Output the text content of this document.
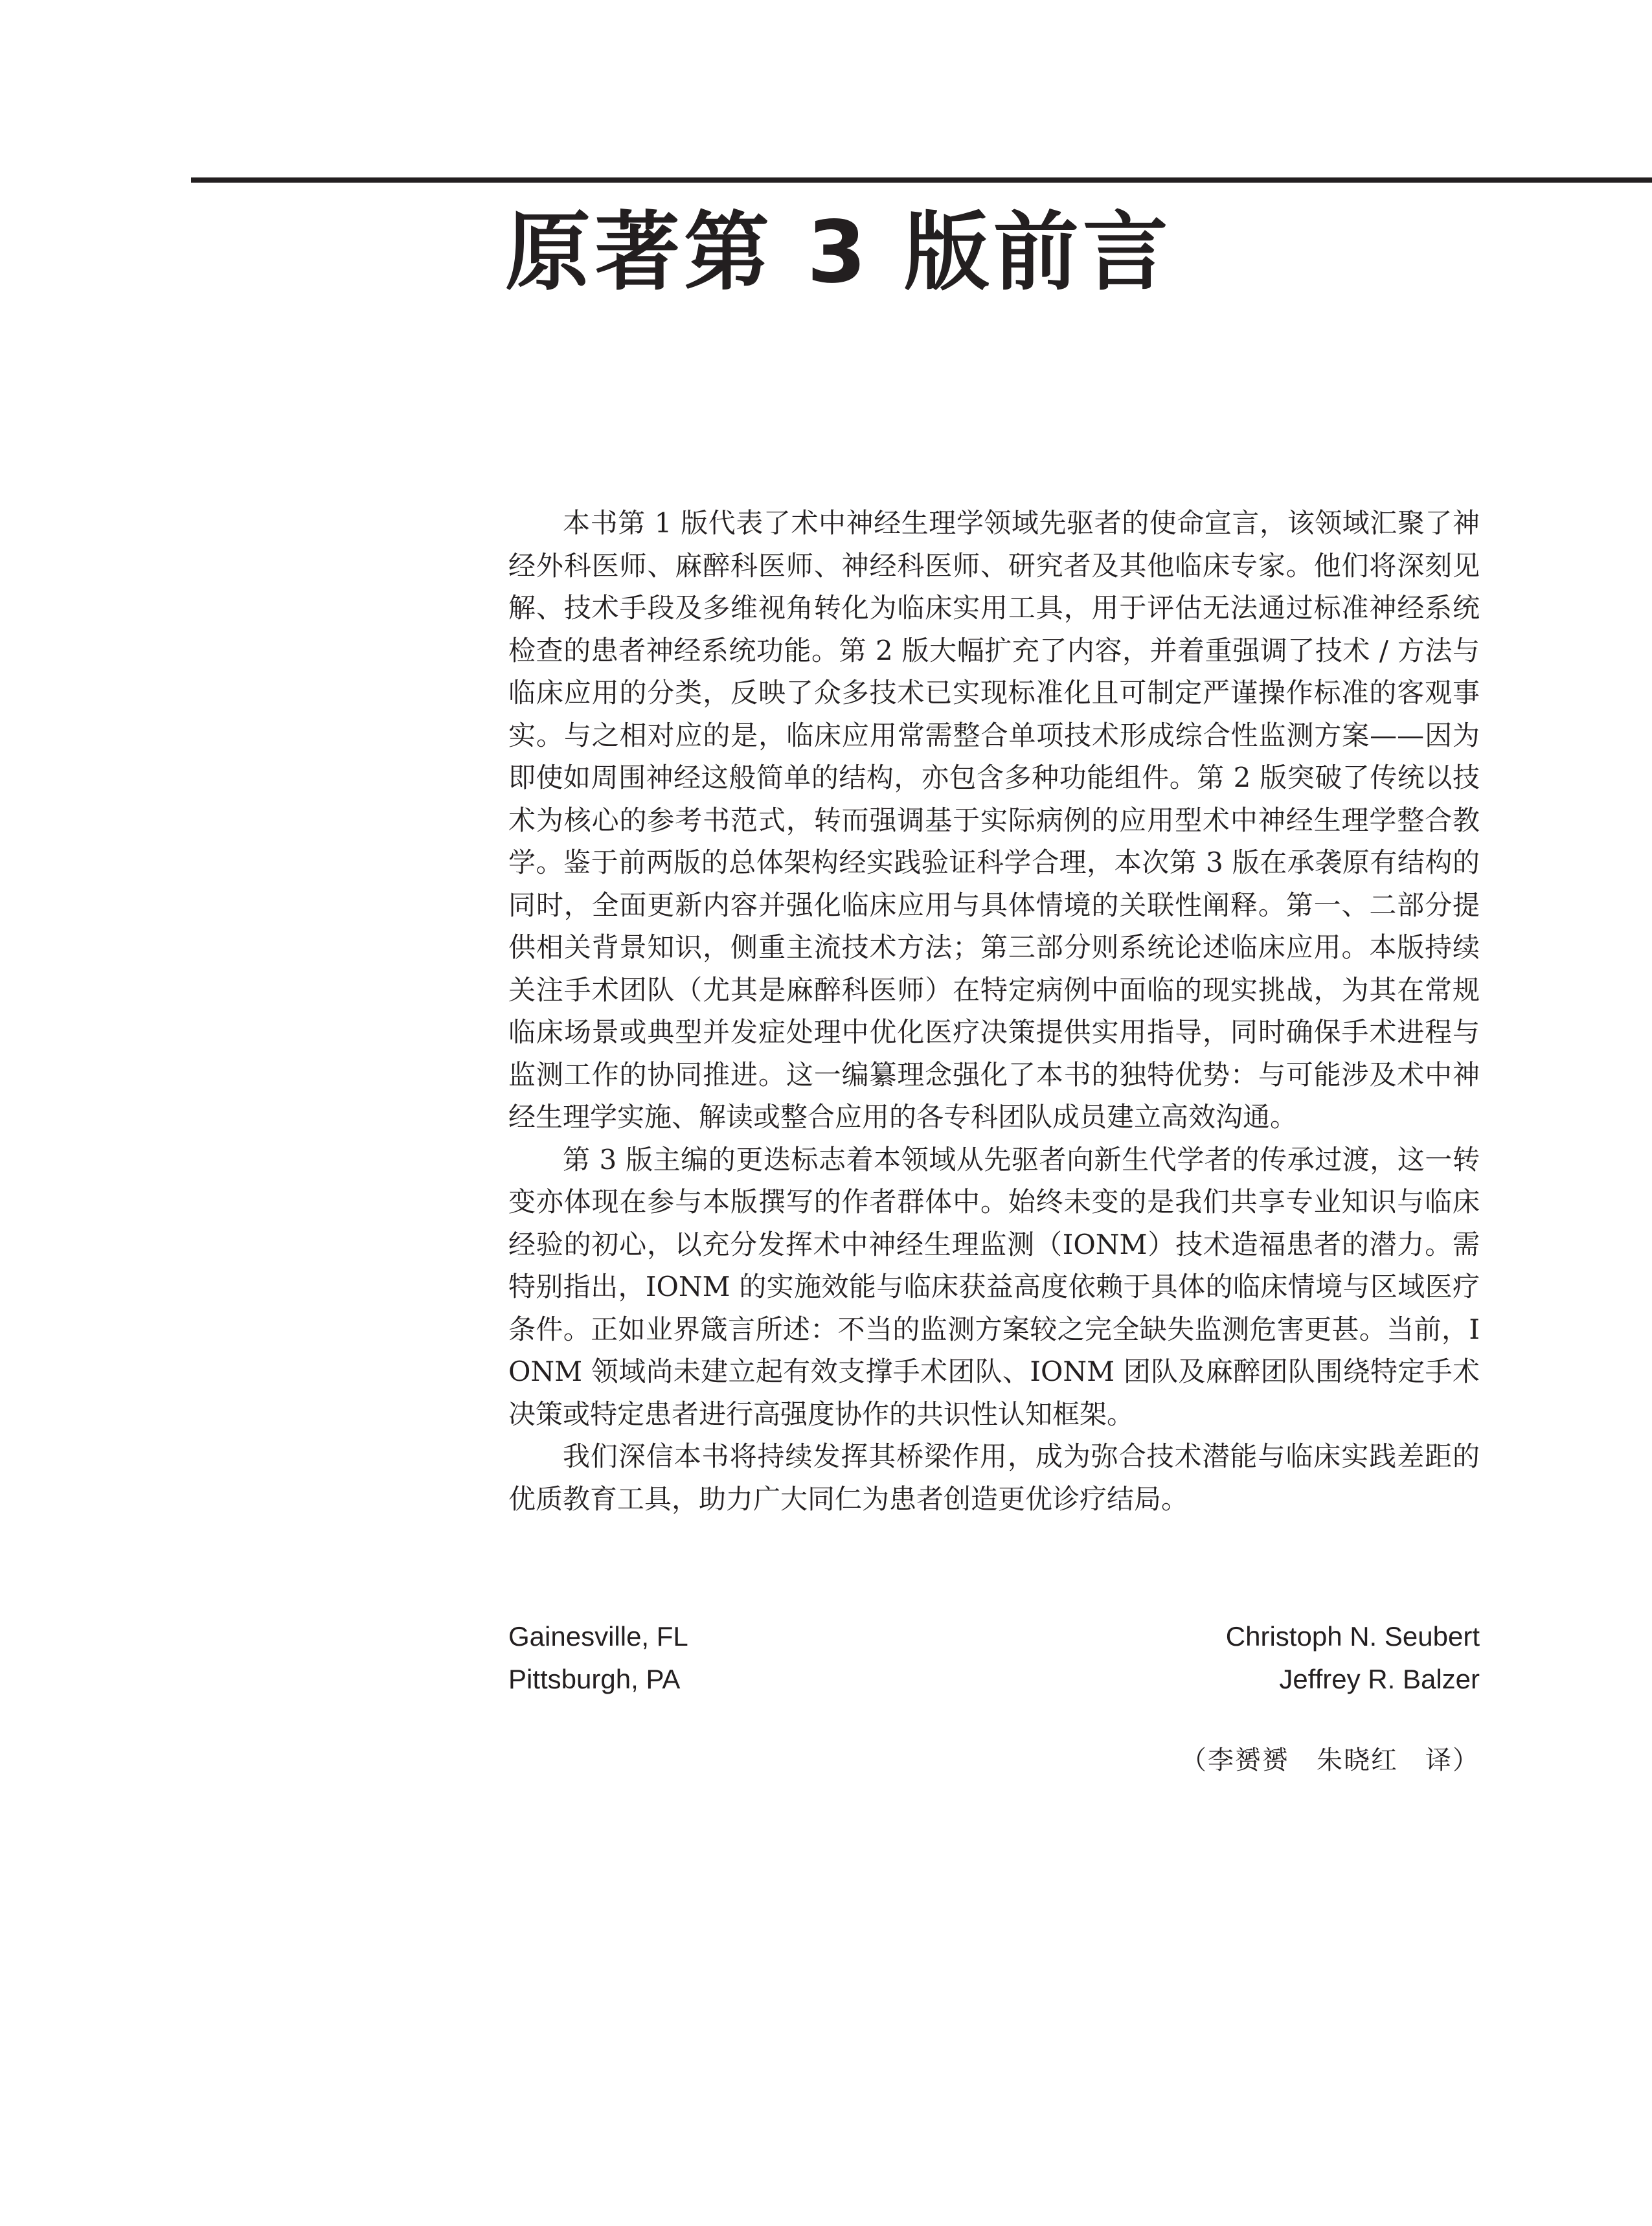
原著第 3 版前言

本书第 1 版代表了术中神经生理学领域先驱者的使命宣言，该领域汇聚了神经外科医师、麻醉科医师、神经科医师、研究者及其他临床专家。他们将深刻见解、技术手段及多维视角转化为临床实用工具，用于评估无法通过标准神经系统检查的患者神经系统功能。第 2 版大幅扩充了内容，并着重强调了技术 / 方法与临床应用的分类，反映了众多技术已实现标准化且可制定严谨操作标准的客观事实。与之相对应的是，临床应用常需整合单项技术形成综合性监测方案——因为即使如周围神经这般简单的结构，亦包含多种功能组件。第 2 版突破了传统以技术为核心的参考书范式，转而强调基于实际病例的应用型术中神经生理学整合教学。鉴于前两版的总体架构经实践验证科学合理，本次第 3 版在承袭原有结构的同时，全面更新内容并强化临床应用与具体情境的关联性阐释。第一、二部分提供相关背景知识，侧重主流技术方法；第三部分则系统论述临床应用。本版持续关注手术团队（尤其是麻醉科医师）在特定病例中面临的现实挑战，为其在常规临床场景或典型并发症处理中优化医疗决策提供实用指导，同时确保手术进程与监测工作的协同推进。这一编纂理念强化了本书的独特优势：与可能涉及术中神经生理学实施、解读或整合应用的各专科团队成员建立高效沟通。

第 3 版主编的更迭标志着本领域从先驱者向新生代学者的传承过渡，这一转变亦体现在参与本版撰写的作者群体中。始终未变的是我们共享专业知识与临床经验的初心，以充分发挥术中神经生理监测（IONM）技术造福患者的潜力。需特别指出，IONM 的实施效能与临床获益高度依赖于具体的临床情境与区域医疗条件。正如业界箴言所述：不当的监测方案较之完全缺失监测危害更甚。当前，IONM 领域尚未建立起有效支撑手术团队、IONM 团队及麻醉团队围绕特定手术决策或特定患者进行高强度协作的共识性认知框架。

我们深信本书将持续发挥其桥梁作用，成为弥合技术潜能与临床实践差距的优质教育工具，助力广大同仁为患者创造更优诊疗结局。

Gainesville, FL	Christoph N. Seubert
Pittsburgh, PA	Jeffrey R. Balzer
（李赟赟　朱晓红　译）
